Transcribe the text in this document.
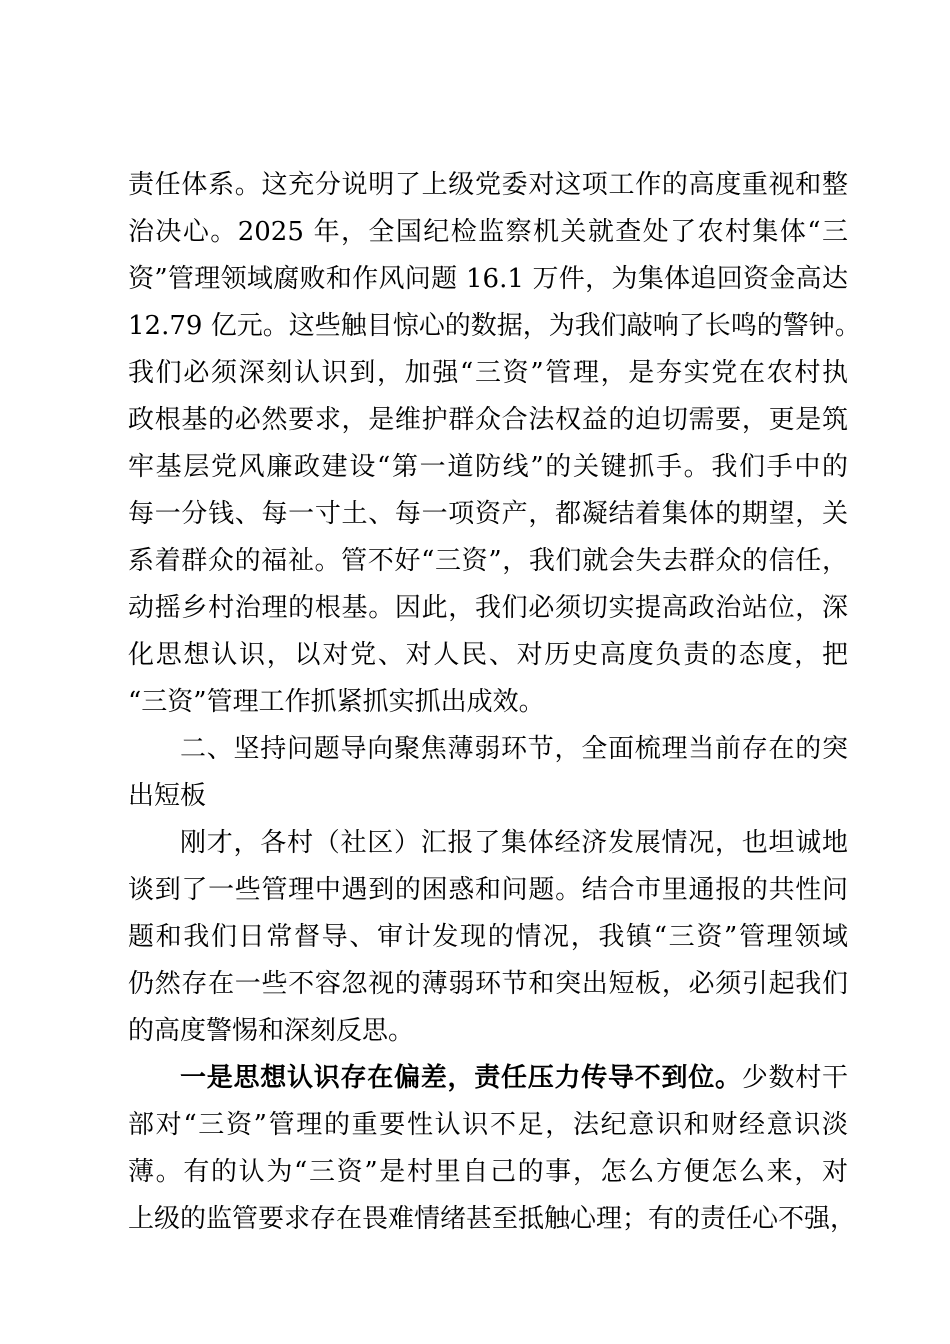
责任体系。这充分说明了上级党委对这项工作的高度重视和整
治决心。2025 年，全国纪检监察机关就查处了农村集体“三
资”管理领域腐败和作风问题 16.1 万件，为集体追回资金高达
12.79 亿元。这些触目惊心的数据，为我们敲响了长鸣的警钟。
我们必须深刻认识到，加强“三资”管理，是夯实党在农村执
政根基的必然要求，是维护群众合法权益的迫切需要，更是筑
牢基层党风廉政建设“第一道防线”的关键抓手。我们手中的
每一分钱、每一寸土、每一项资产，都凝结着集体的期望，关
系着群众的福祉。管不好“三资”，我们就会失去群众的信任，
动摇乡村治理的根基。因此，我们必须切实提高政治站位，深
化思想认识，以对党、对人民、对历史高度负责的态度，把
“三资”管理工作抓紧抓实抓出成效。
二、坚持问题导向聚焦薄弱环节，全面梳理当前存在的突
出短板
刚才，各村（社区）汇报了集体经济发展情况，也坦诚地
谈到了一些管理中遇到的困惑和问题。结合市里通报的共性问
题和我们日常督导、审计发现的情况，我镇“三资”管理领域
仍然存在一些不容忽视的薄弱环节和突出短板，必须引起我们
的高度警惕和深刻反思。
一是思想认识存在偏差，责任压力传导不到位。少数村干
部对“三资”管理的重要性认识不足，法纪意识和财经意识淡
薄。有的认为“三资”是村里自己的事，怎么方便怎么来，对
上级的监管要求存在畏难情绪甚至抵触心理；有的责任心不强，
